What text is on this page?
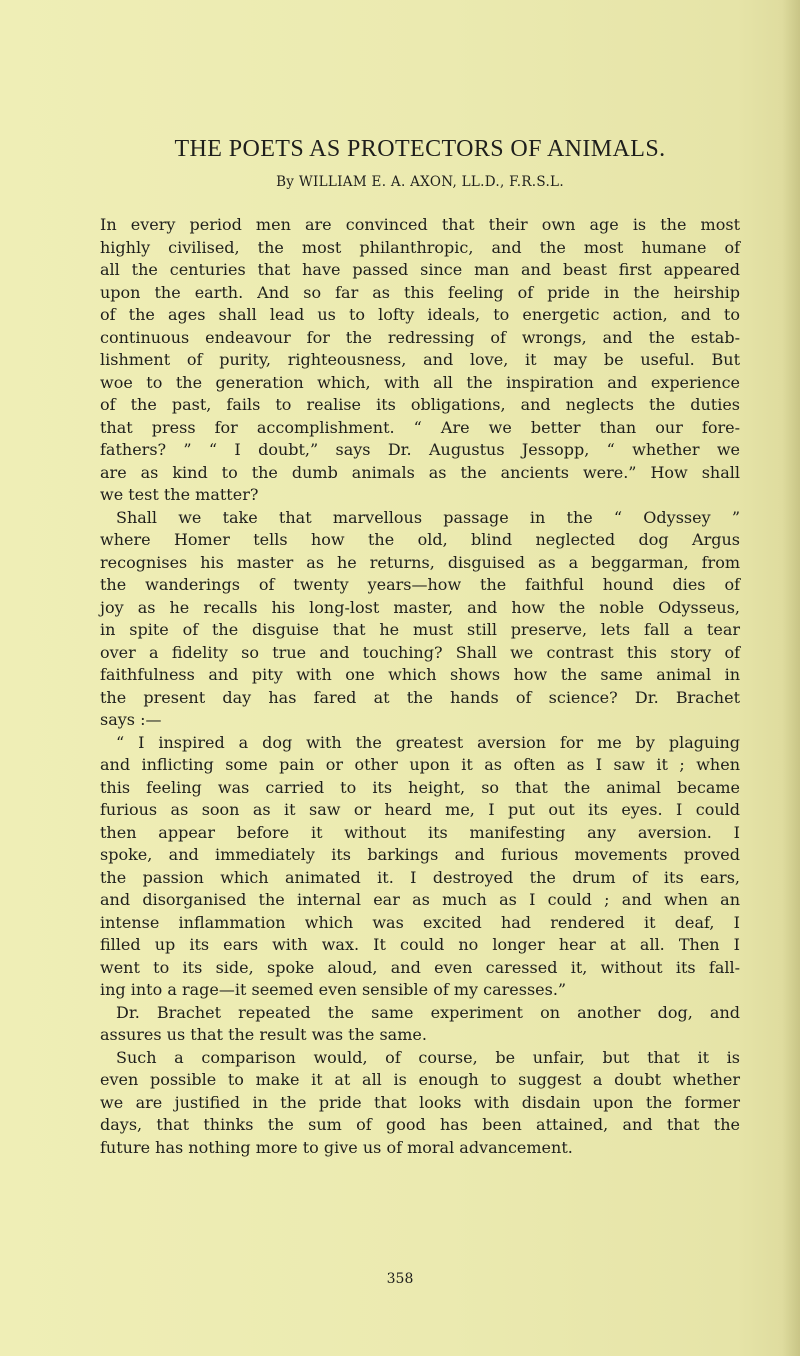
THE POETS AS PROTECTORS OF ANIMALS.
By WILLIAM E. A. AXON, LL.D., F.R.S.L.
In every period men are convinced that their own age is the most
highly civilised, the most philanthropic, and the most humane of
all the centuries that have passed since man and beast first appeared
upon the earth. And so far as this feeling of pride in the heirship
of the ages shall lead us to lofty ideals, to energetic action, and to
continuous endeavour for the redressing of wrongs, and the estab-
lishment of purity, righteousness, and love, it may be useful. But
woe to the generation which, with all the inspiration and experience
of the past, fails to realise its obligations, and neglects the duties
that press for accomplishment. “ Are we better than our fore-
fathers? ” “ I doubt,” says Dr. Augustus Jessopp, “ whether we
are as kind to the dumb animals as the ancients were.” How shall
we test the matter?
Shall we take that marvellous passage in the “ Odyssey ”
where Homer tells how the old, blind neglected dog Argus
recognises his master as he returns, disguised as a beggarman, from
the wanderings of twenty years—how the faithful hound dies of
joy as he recalls his long-lost master, and how the noble Odysseus,
in spite of the disguise that he must still preserve, lets fall a tear
over a fidelity so true and touching? Shall we contrast this story of
faithfulness and pity with one which shows how the same animal in
the present day has fared at the hands of science? Dr. Brachet
says :—
“ I inspired a dog with the greatest aversion for me by plaguing
and inflicting some pain or other upon it as often as I saw it ; when
this feeling was carried to its height, so that the animal became
furious as soon as it saw or heard me, I put out its eyes. I could
then appear before it without its manifesting any aversion. I
spoke, and immediately its barkings and furious movements proved
the passion which animated it. I destroyed the drum of its ears,
and disorganised the internal ear as much as I could ; and when an
intense inflammation which was excited had rendered it deaf, I
filled up its ears with wax. It could no longer hear at all. Then I
went to its side, spoke aloud, and even caressed it, without its fall-
ing into a rage—it seemed even sensible of my caresses.”
Dr. Brachet repeated the same experiment on another dog, and
assures us that the result was the same.
Such a comparison would, of course, be unfair, but that it is
even possible to make it at all is enough to suggest a doubt whether
we are justified in the pride that looks with disdain upon the former
days, that thinks the sum of good has been attained, and that the
future has nothing more to give us of moral advancement.
358
